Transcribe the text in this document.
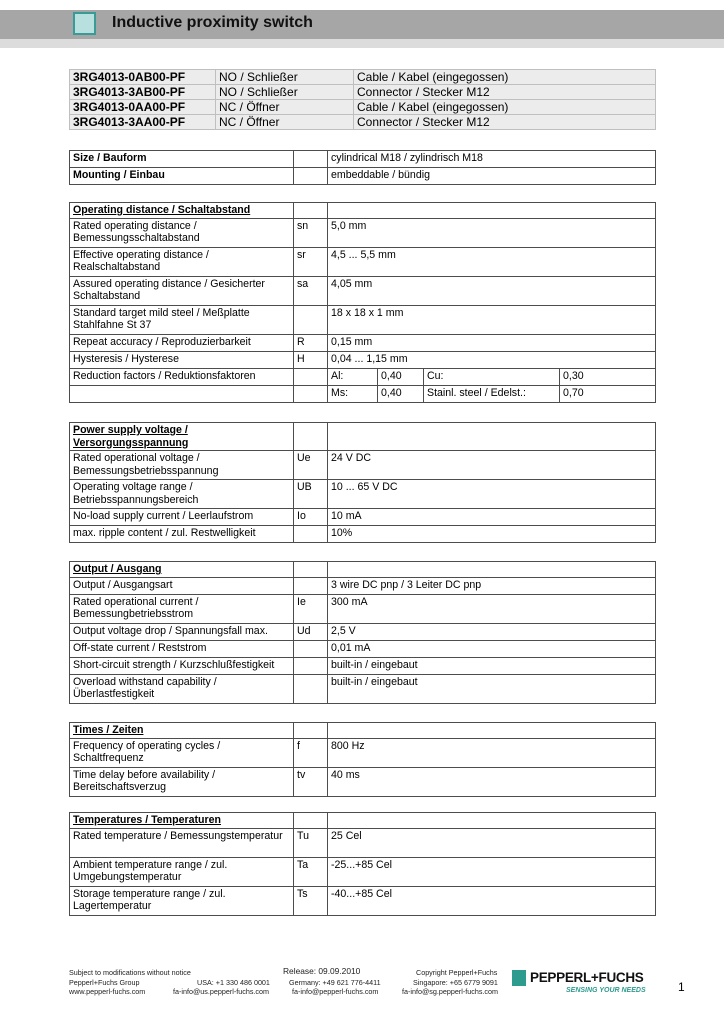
Inductive proximity switch
3RG4013-0AB00-PF	NO / Schließer	Cable / Kabel (eingegossen)
3RG4013-3AB00-PF	NO / Schließer	Connector / Stecker M12
3RG4013-0AA00-PF	NC / Öffner	Cable / Kabel (eingegossen)
3RG4013-3AA00-PF	NC / Öffner	Connector / Stecker M12
Size / Bauform		cylindrical M18 / zylindrisch M18
Mounting / Einbau		embeddable / bündig
Operating distance / Schaltabstand					
Rated operating distance / Bemessungsschaltabstand	sn	5,0 mm			
Effective operating distance / Realschaltabstand	sr	4,5 ... 5,5 mm			
Assured operating distance / Gesicherter Schaltabstand	sa	4,05 mm			
Standard target mild steel / Meßplatte Stahlfahne St 37		18 x 18 x 1 mm			
Repeat accuracy / Reproduzierbarkeit	R	0,15 mm			
Hysteresis / Hysterese	H	0,04 ... 1,15 mm			
Reduction factors / Reduktionsfaktoren		Al:	0,40	Cu:	0,30
		Ms:	0,40	Stainl. steel / Edelst.:	0,70
Power supply voltage / Versorgungsspannung		
Rated operational voltage / Bemessungsbetriebsspannung	Ue	24 V DC
Operating voltage range / Betriebsspannungsbereich	UB	10 ... 65 V DC
No-load supply current / Leerlaufstrom	Io	10 mA
max. ripple content / zul. Restwelligkeit		10%
Output / Ausgang		
Output / Ausgangsart		3 wire DC pnp / 3 Leiter DC pnp
Rated operational current / Bemessungbetriebsstrom	Ie	300 mA
Output voltage drop / Spannungsfall max.	Ud	2,5 V
Off-state current / Reststrom		0,01 mA
Short-circuit strength / Kurzschlußfestigkeit		built-in / eingebaut
Overload withstand capability / Überlastfestigkeit		built-in / eingebaut
Times / Zeiten		
Frequency of operating cycles / Schaltfrequenz	f	800 Hz
Time delay before availability / Bereitschaftsverzug	tv	40 ms
Temperatures / Temperaturen		
Rated temperature / Bemessungstemperatur	Tu	25 Cel
Ambient temperature range / zul. Umgebungstemperatur	Ta	-25...+85 Cel
Storage temperature range / zul. Lagertemperatur	Ts	-40...+85 Cel
Subject to modifications without notice
Pepperl+Fuchs Group
www.pepperl-fuchs.com
USA: +1 330 486 0001
fa-info@us.pepperl-fuchs.com
Release: 09.09.2010
Germany: +49 621 776-4411
fa-info@pepperl-fuchs.com
Copyright Pepperl+Fuchs
Singapore: +65 6779 9091
fa-info@sg.pepperl-fuchs.com
PEPPERL+FUCHS
SENSING YOUR NEEDS	1
